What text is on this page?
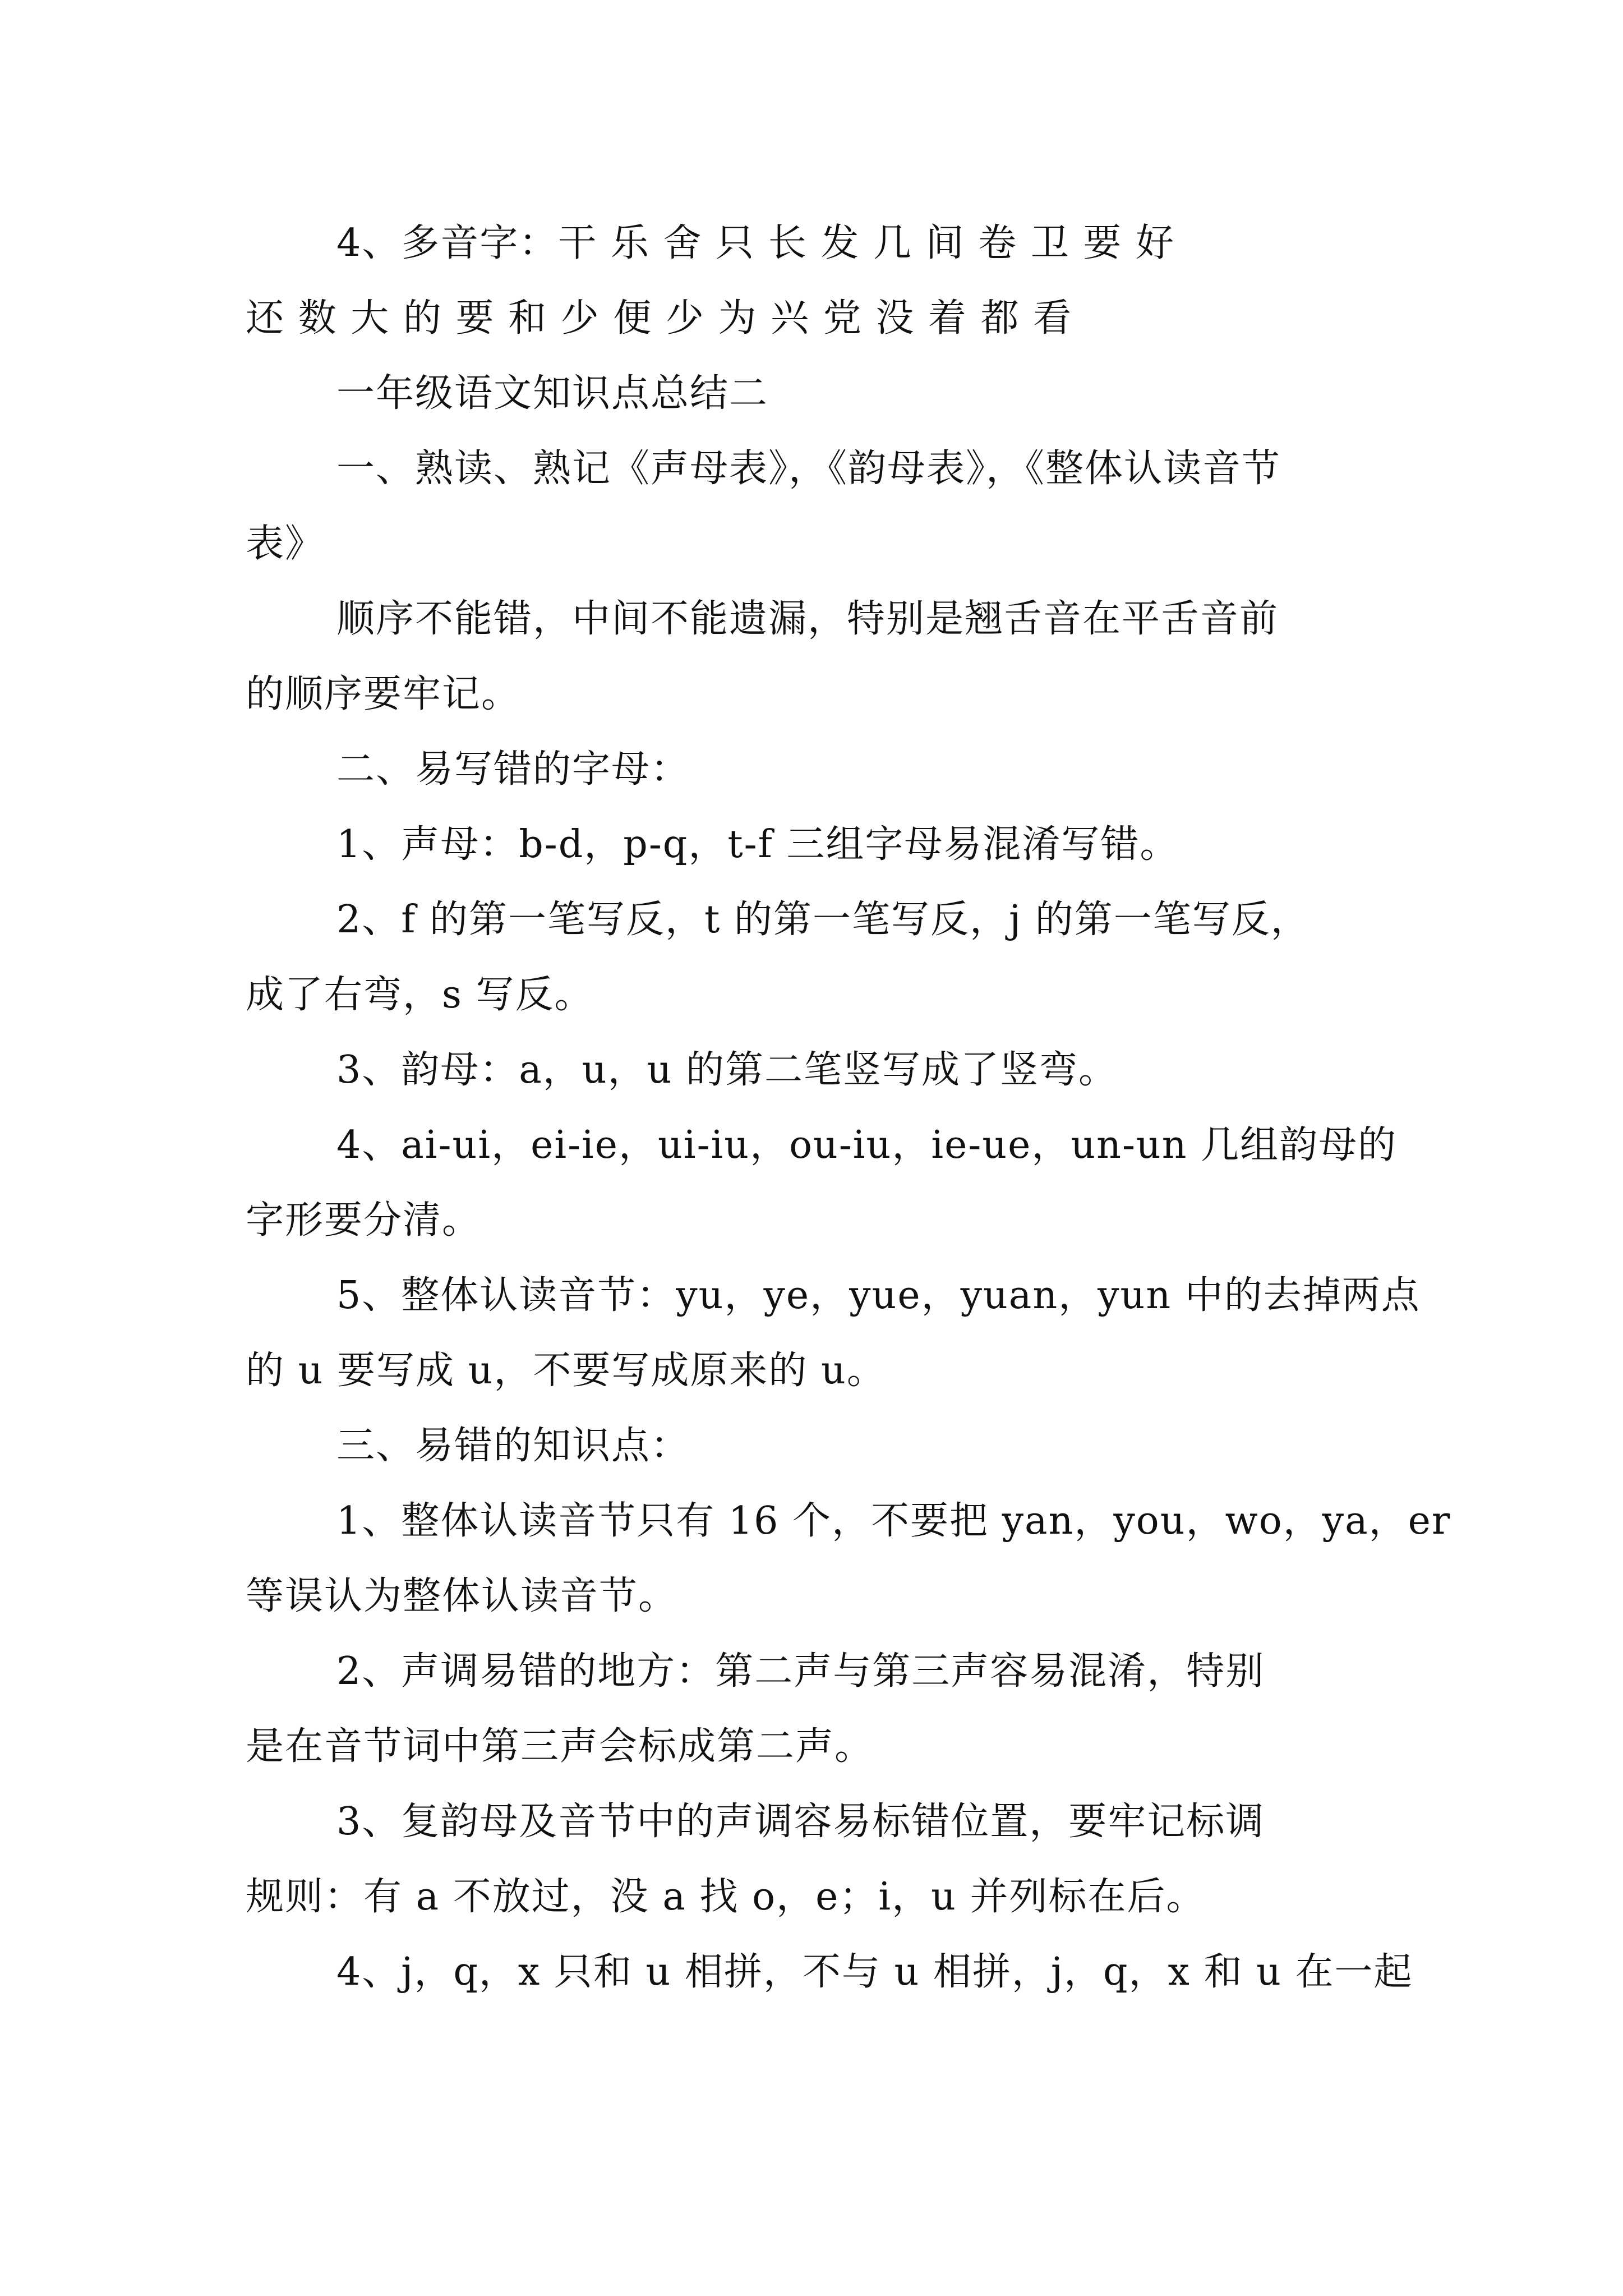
4、多音字：干 乐 舍 只 长 发 几 间 卷 卫 要 好
还 数 大 的 要 和 少 便 少 为 兴 党 没 着 都 看
一年级语文知识点总结二
一、熟读、熟记《声母表》，《韵母表》，《整体认读音节
表》
顺序不能错，中间不能遗漏，特别是翘舌音在平舌音前
的顺序要牢记。
二、易写错的字母：
1、声母：b-d，p-q，t-f 三组字母易混淆写错。
2、f 的第一笔写反，t 的第一笔写反，j 的第一笔写反，
成了右弯，s 写反。
3、韵母：a，u，u 的第二笔竖写成了竖弯。
4、ai-ui，ei-ie，ui-iu，ou-iu，ie-ue，un-un 几组韵母的
字形要分清。
5、整体认读音节：yu，ye，yue，yuan，yun 中的去掉两点
的 u 要写成 u，不要写成原来的 u。
三、易错的知识点：
1、整体认读音节只有 16 个，不要把 yan，you，wo，ya，er
等误认为整体认读音节。
2、声调易错的地方：第二声与第三声容易混淆，特别
是在音节词中第三声会标成第二声。
3、复韵母及音节中的声调容易标错位置，要牢记标调
规则：有 a 不放过，没 a 找 o，e；i，u 并列标在后。
4、j，q，x 只和 u 相拼，不与 u 相拼，j，q，x 和 u 在一起
